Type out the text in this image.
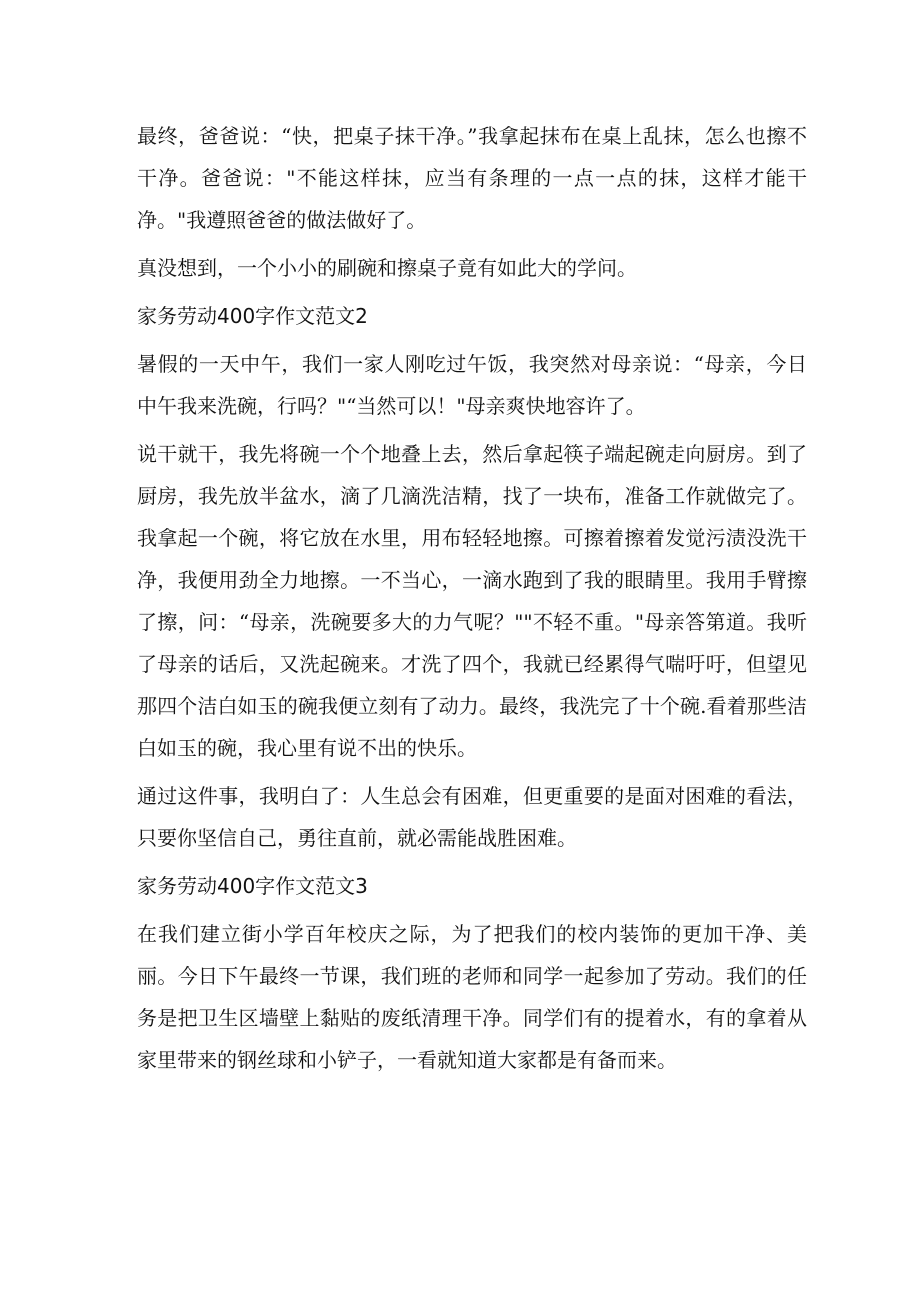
最终，爸爸说：“快，把桌子抹干净。”我拿起抹布在桌上乱抹，怎么也擦不干净。爸爸说："不能这样抹，应当有条理的一点一点的抹，这样才能干净。"我遵照爸爸的做法做好了。

真没想到，一个小小的刷碗和擦桌子竟有如此大的学问。

家务劳动400字作文范文2

暑假的一天中午，我们一家人刚吃过午饭，我突然对母亲说：“母亲，今日中午我来洗碗，行吗？"“当然可以！"母亲爽快地容许了。

说干就干，我先将碗一个个地叠上去，然后拿起筷子端起碗走向厨房。到了厨房，我先放半盆水，滴了几滴洗洁精，找了一块布，准备工作就做完了。我拿起一个碗，将它放在水里，用布轻轻地擦。可擦着擦着发觉污渍没洗干净，我便用劲全力地擦。一不当心，一滴水跑到了我的眼睛里。我用手臂擦了擦，问：“母亲，洗碗要多大的力气呢？""不轻不重。"母亲答第道。我听了母亲的话后，又洗起碗来。才洗了四个，我就已经累得气喘吁吁，但望见那四个洁白如玉的碗我便立刻有了动力。最终，我洗完了十个碗.看着那些洁白如玉的碗，我心里有说不出的快乐。

通过这件事，我明白了：人生总会有困难，但更重要的是面对困难的看法，只要你坚信自己，勇往直前，就必需能战胜困难。

家务劳动400字作文范文3

在我们建立街小学百年校庆之际，为了把我们的校内装饰的更加干净、美丽。今日下午最终一节课，我们班的老师和同学一起参加了劳动。我们的任务是把卫生区墙壁上黏贴的废纸清理干净。同学们有的提着水，有的拿着从家里带来的钢丝球和小铲子，一看就知道大家都是有备而来。
